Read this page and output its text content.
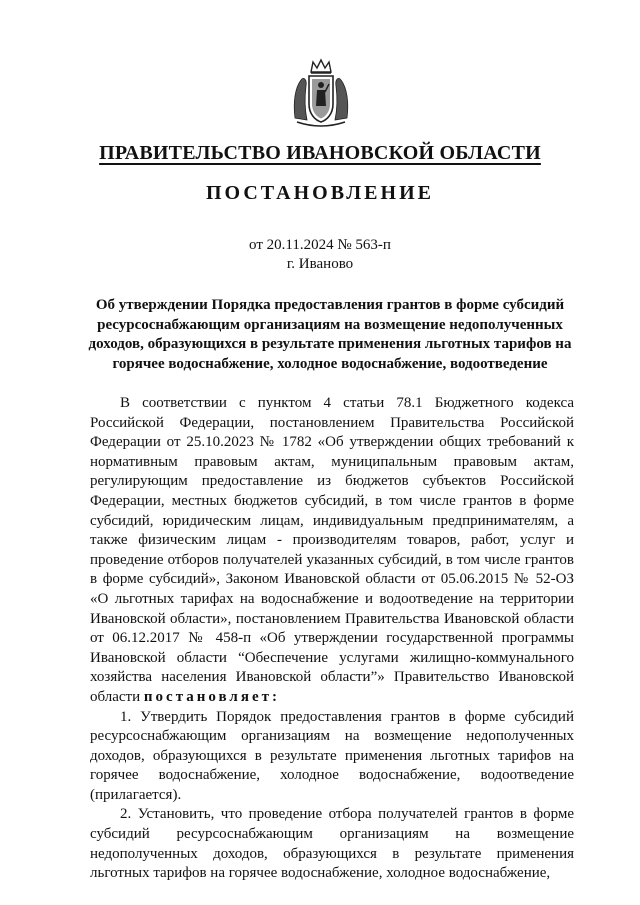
ПРАВИТЕЛЬСТВО ИВАНОВСКОЙ ОБЛАСТИ
ПОСТАНОВЛЕНИЕ
от 20.11.2024 № 563-п
г. Иваново
Об утверждении Порядка предоставления грантов в форме субсидий ресурсоснабжающим организациям на возмещение недополученных доходов, образующихся в результате применения льготных тарифов на горячее водоснабжение, холодное водоснабжение, водоотведение

В соответствии с пунктом 4 статьи 78.1 Бюджетного кодекса Российской Федерации, постановлением Правительства Российской Федерации от 25.10.2023 № 1782 «Об утверждении общих требований к нормативным правовым актам, муниципальным правовым актам, регулирующим предоставление из бюджетов субъектов Российской Федерации, местных бюджетов субсидий, в том числе грантов в форме субсидий, юридическим лицам, индивидуальным предпринимателям, а также физическим лицам - производителям товаров, работ, услуг и проведение отборов получателей указанных субсидий, в том числе грантов в форме субсидий», Законом Ивановской области от 05.06.2015 № 52-ОЗ «О льготных тарифах на водоснабжение и водоотведение на территории Ивановской области», постановлением Правительства Ивановской области от 06.12.2017 № 458-п «Об утверждении государственной программы Ивановской области “Обеспечение услугами жилищно-коммунального хозяйства населения Ивановской области”» Правительство Ивановской области постановляет:

1. Утвердить Порядок предоставления грантов в форме субсидий ресурсоснабжающим организациям на возмещение недополученных доходов, образующихся в результате применения льготных тарифов на горячее водоснабжение, холодное водоснабжение, водоотведение (прилагается).

2. Установить, что проведение отбора получателей грантов в форме субсидий ресурсоснабжающим организациям на возмещение недополученных доходов, образующихся в результате применения льготных тарифов на горячее водоснабжение, холодное водоснабжение,
